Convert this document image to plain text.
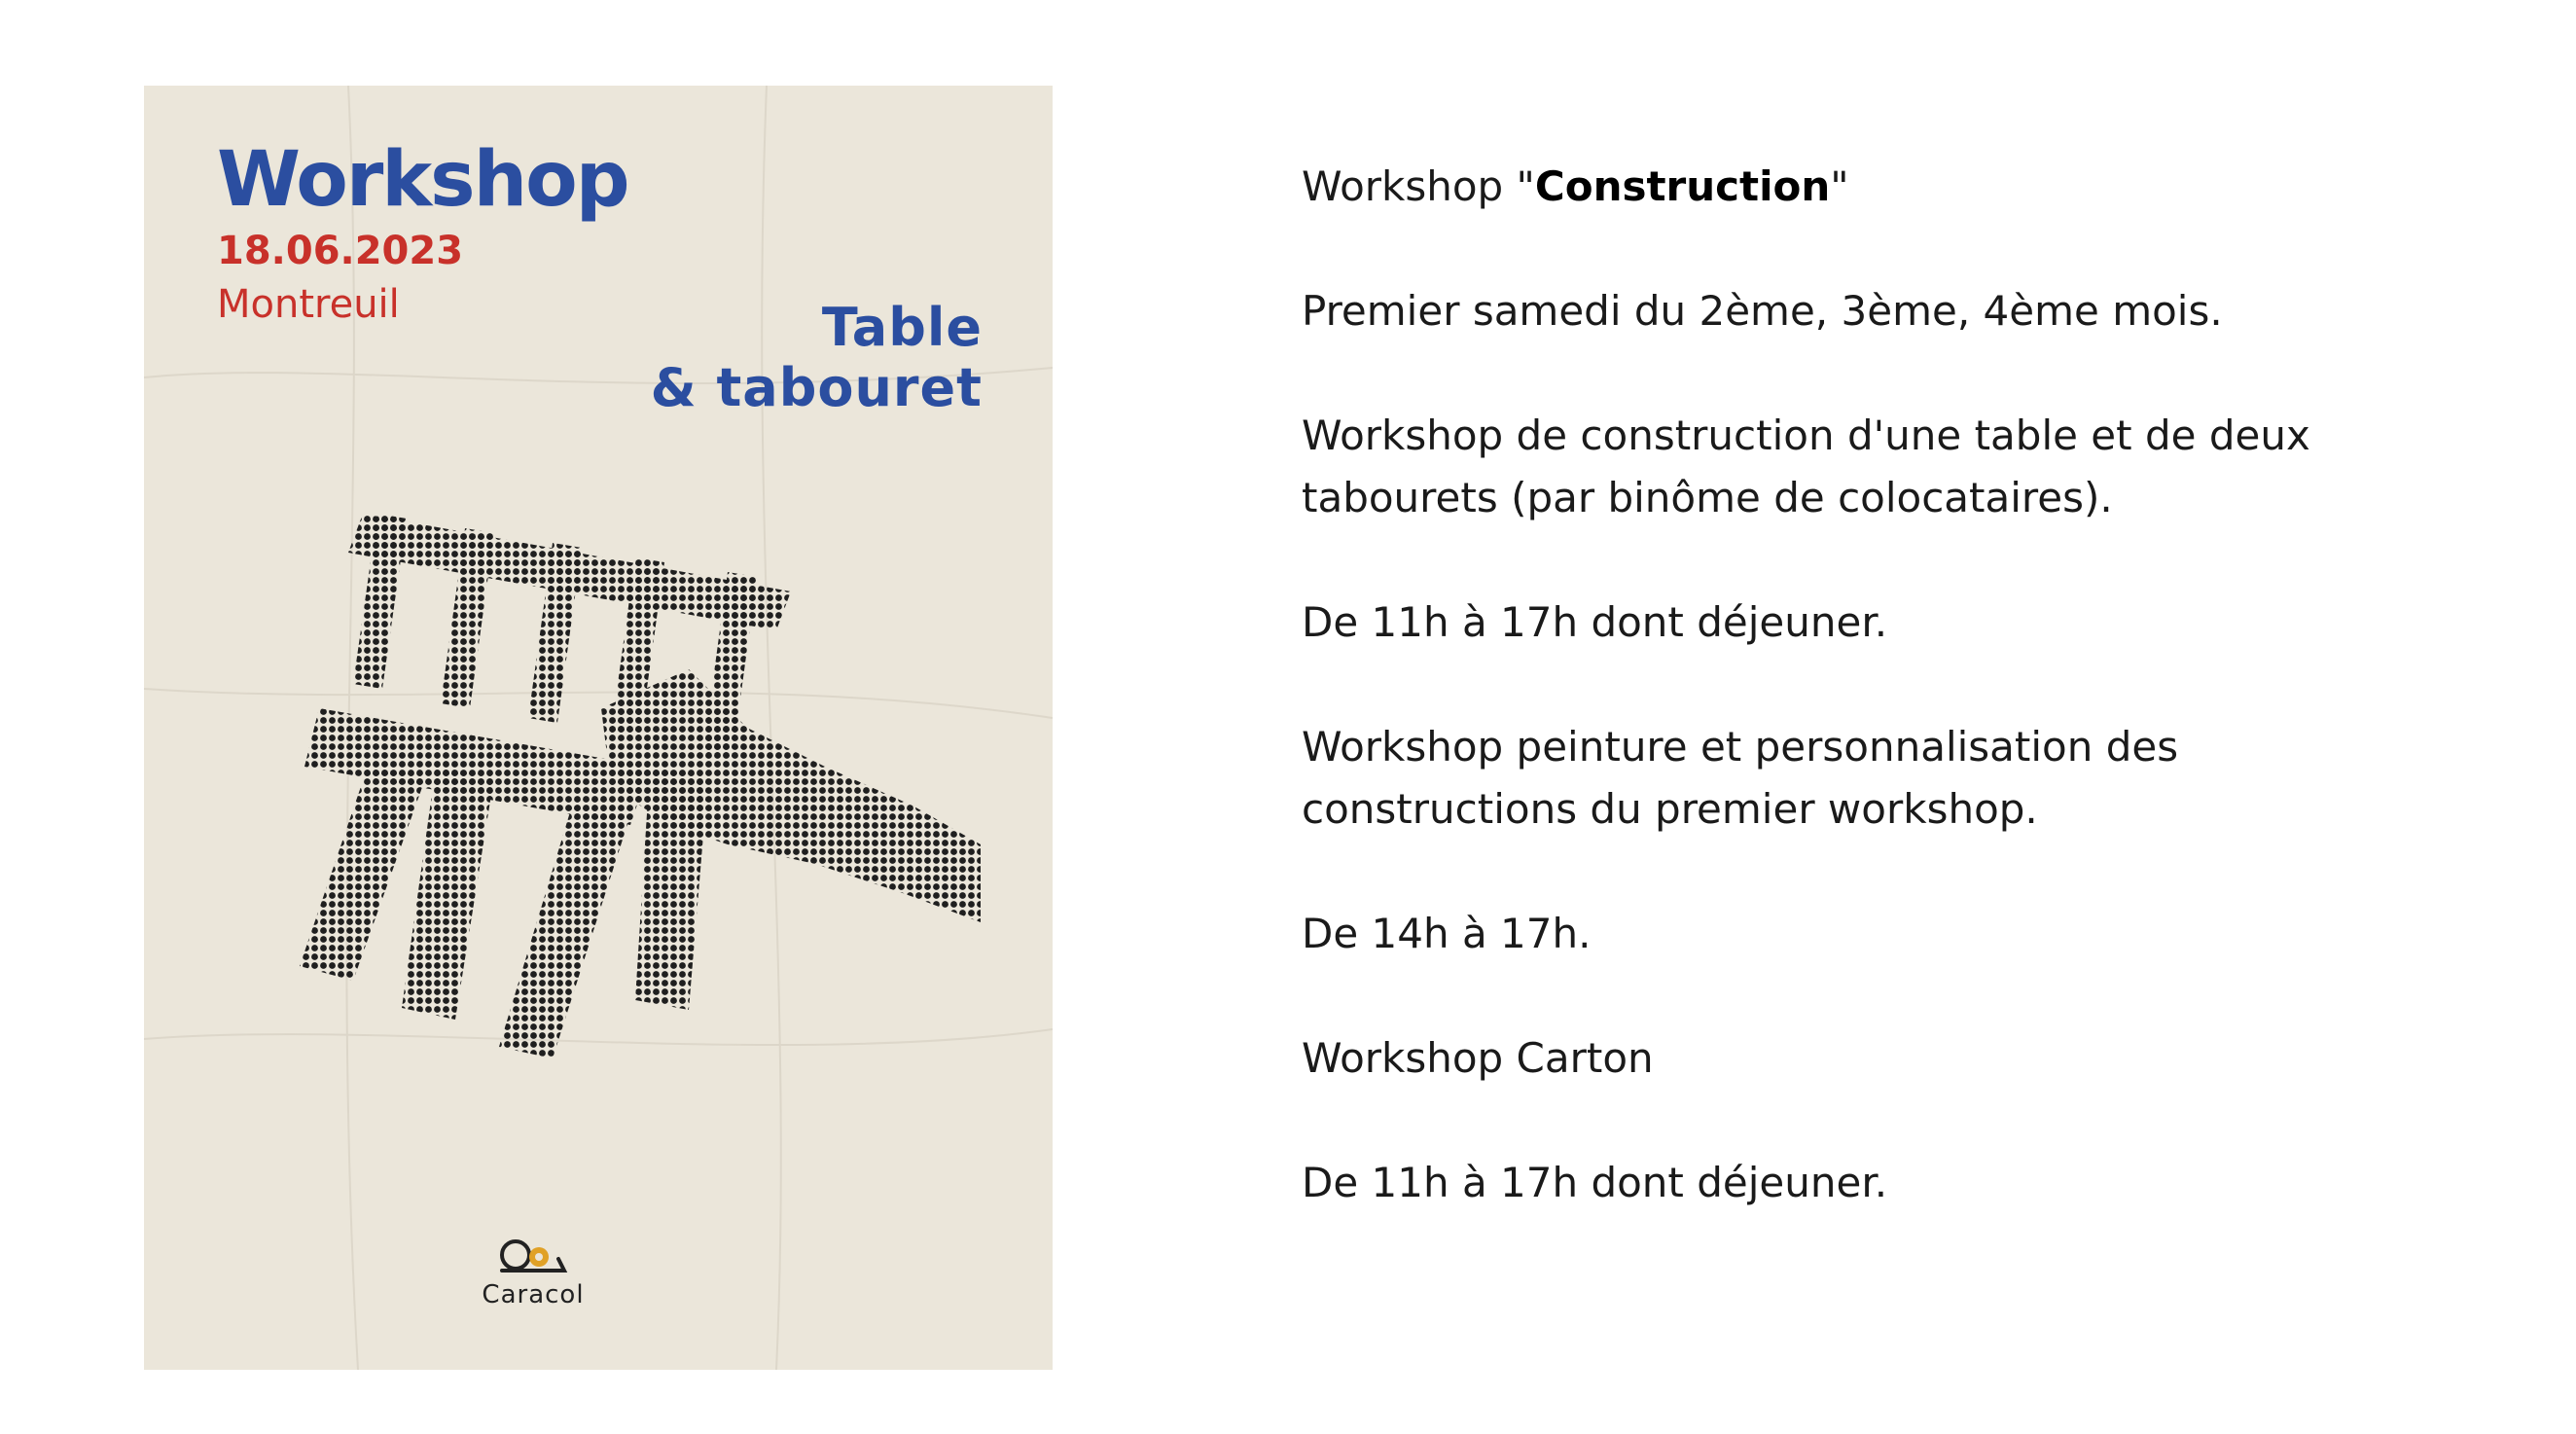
Workshop
18.06.2023
Montreuil	Table
& tabouret
Caracol

Workshop "Construction"

Premier samedi du 2ème, 3ème, 4ème mois.

Workshop de construction d'une table et de deux
tabourets (par binôme de colocataires).

De 11h à 17h dont déjeuner.

Workshop peinture et personnalisation des
constructions du premier workshop.

De 14h à 17h.

Workshop Carton

De 11h à 17h dont déjeuner.
